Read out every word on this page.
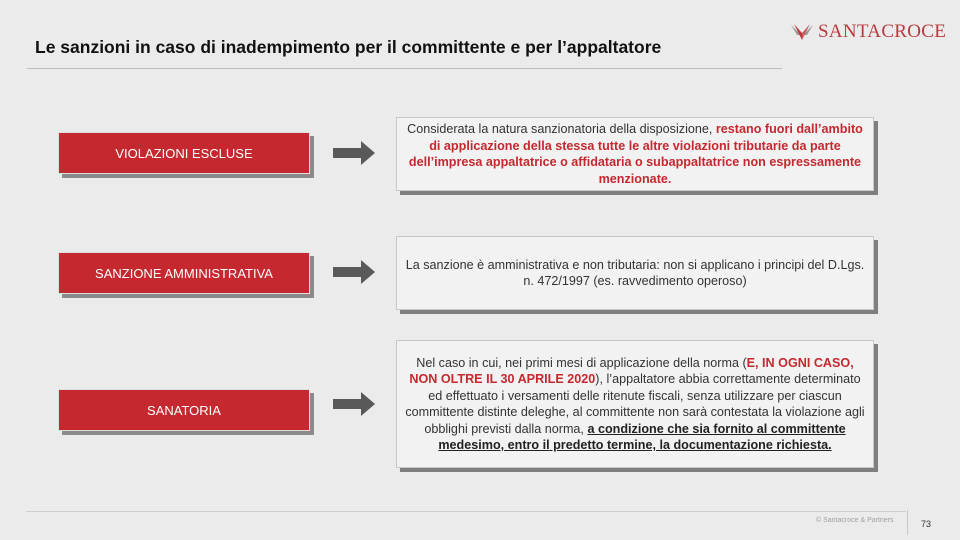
Le sanzioni in caso di inadempimento per il committente e per l’appaltatore
SANTACROCE
VIOLAZIONI ESCLUSE
Considerata la natura sanzionatoria della disposizione, restano fuori dall’ambito di applicazione della stessa tutte le altre violazioni tributarie da parte dell’impresa appaltatrice o affidataria o subappaltatrice non espressamente menzionate.
SANZIONE AMMINISTRATIVA
La sanzione è amministrativa e non tributaria: non si applicano i principi del D.Lgs. n. 472/1997 (es. ravvedimento operoso)
SANATORIA
Nel caso in cui, nei primi mesi di applicazione della norma (E, IN OGNI CASO, NON OLTRE IL 30 APRILE 2020), l’appaltatore abbia correttamente determinato ed effettuato i versamenti delle ritenute fiscali, senza utilizzare per ciascun committente distinte deleghe, al committente non sarà contestata la violazione agli obblighi previsti dalla norma, a condizione che sia fornito al committente medesimo, entro il predetto termine, la documentazione richiesta.
© Santacroce & Partners	73
